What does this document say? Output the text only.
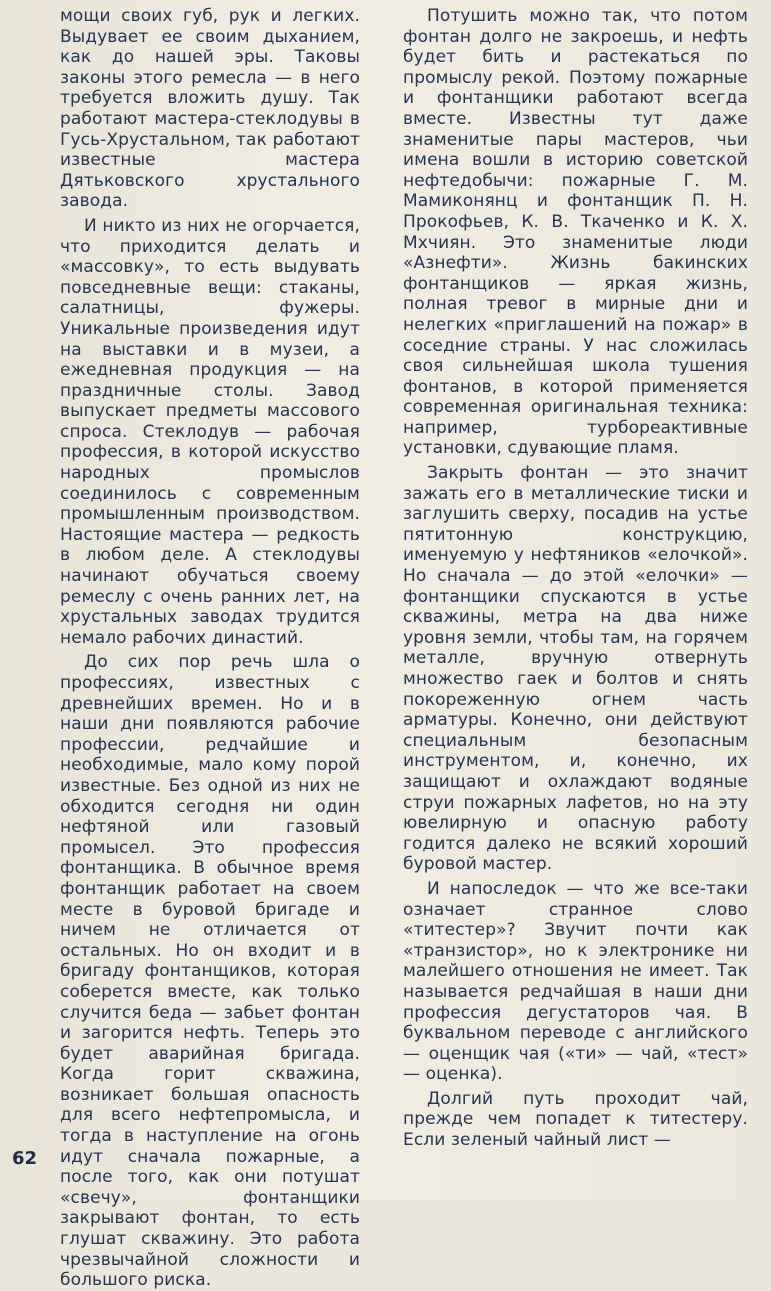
мощи своих губ, рук и легких. Выдувает ее своим дыханием, как до нашей эры. Таковы законы этого ремесла — в него требуется вложить душу. Так работают мастера-стеклодувы в Гусь-Хрустальном, так работают известные мастера Дятьковского хрустального завода.

И никто из них не огорчается, что приходится делать и «массовку», то есть выдувать повседневные вещи: стаканы, салатницы, фужеры. Уникальные произведения идут на выставки и в музеи, а ежедневная продукция — на праздничные столы. Завод выпускает предметы массового спроса. Стеклодув — рабочая профессия, в которой искусство народных промыслов соединилось с современным промышленным производством. Настоящие мастера — редкость в любом деле. А стеклодувы начинают обучаться своему ремеслу с очень ранних лет, на хрустальных заводах трудится немало рабочих династий.

До сих пор речь шла о профессиях, известных с древнейших времен. Но и в наши дни появляются рабочие профессии, редчайшие и необходимые, мало кому порой известные. Без одной из них не обходится сегодня ни один нефтяной или газовый промысел. Это профессия фонтанщика. В обычное время фонтанщик работает на своем месте в буровой бригаде и ничем не отличается от остальных. Но он входит и в бригаду фонтанщиков, которая соберется вместе, как только случится беда — забьет фонтан и загорится нефть. Теперь это будет аварийная бригада. Когда горит скважина, возникает большая опасность для всего нефтепромысла, и тогда в наступление на огонь идут сначала пожарные, а после того, как они потушат «свечу», фонтанщики закрывают фонтан, то есть глушат скважину. Это работа чрезвычайной сложности и большого риска.

Потушить можно так, что потом фонтан долго не закроешь, и нефть будет бить и растекаться по промыслу рекой. Поэтому пожарные и фонтанщики работают всегда вместе. Известны тут даже знаменитые пары мастеров, чьи имена вошли в историю советской нефтедобычи: пожарные Г. М. Мамиконянц и фонтанщик П. Н. Прокофьев, К. В. Ткаченко и К. Х. Мхчиян. Это знаменитые люди «Азнефти». Жизнь бакинских фонтанщиков — яркая жизнь, полная тревог в мирные дни и нелегких «приглашений на пожар» в соседние страны. У нас сложилась своя сильнейшая школа тушения фонтанов, в которой применяется современная оригинальная техника: например, турбореактивные установки, сдувающие пламя.

Закрыть фонтан — это значит зажать его в металлические тиски и заглушить сверху, посадив на устье пятитонную конструкцию, именуемую у нефтяников «елочкой». Но сначала — до этой «елочки» — фонтанщики спускаются в устье скважины, метра на два ниже уровня земли, чтобы там, на горячем металле, вручную отвернуть множество гаек и болтов и снять покореженную огнем часть арматуры. Конечно, они действуют специальным безопасным инструментом, и, конечно, их защищают и охлаждают водяные струи пожарных лафетов, но на эту ювелирную и опасную работу годится далеко не всякий хороший буровой мастер.

И напоследок — что же все-таки означает странное слово «титестер»? Звучит почти как «транзистор», но к электронике ни малейшего отношения не имеет. Так называется редчайшая в наши дни профессия дегустаторов чая. В буквальном переводе с английского — оценщик чая («ти» — чай, «тест» — оценка).

Долгий путь проходит чай, прежде чем попадет к титестеру. Если зеленый чайный лист —

62
